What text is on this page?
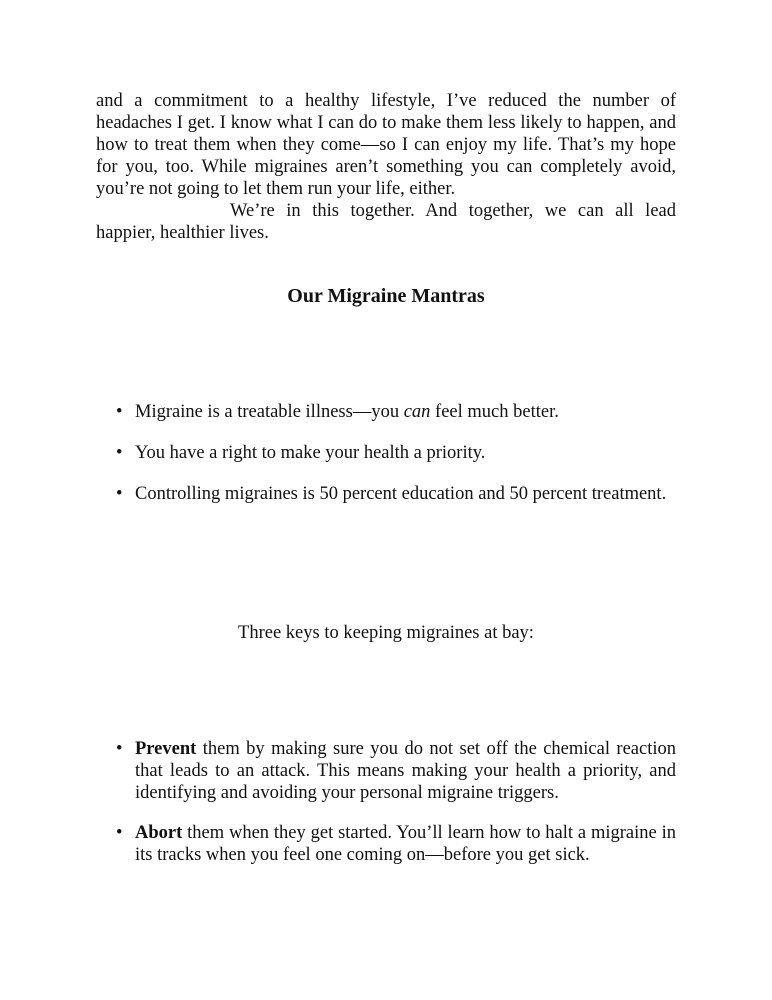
and a commitment to a healthy lifestyle, I’ve reduced the number of headaches I get. I know what I can do to make them less likely to happen, and how to treat them when they come—so I can enjoy my life. That’s my hope for you, too. While migraines aren’t something you can completely avoid, you’re not going to let them run your life, either.

We’re in this together. And together, we can all lead happier, healthier lives.

Our Migraine Mantras
• Migraine is a treatable illness—you can feel much better.
• You have a right to make your health a priority.
• Controlling migraines is 50 percent education and 50 percent treatment.
Three keys to keeping migraines at bay:
• Prevent them by making sure you do not set off the chemical reaction that leads to an attack. This means making your health a priority, and identifying and avoiding your personal migraine triggers.
• Abort them when they get started. You’ll learn how to halt a migraine in its tracks when you feel one coming on—before you get sick.
